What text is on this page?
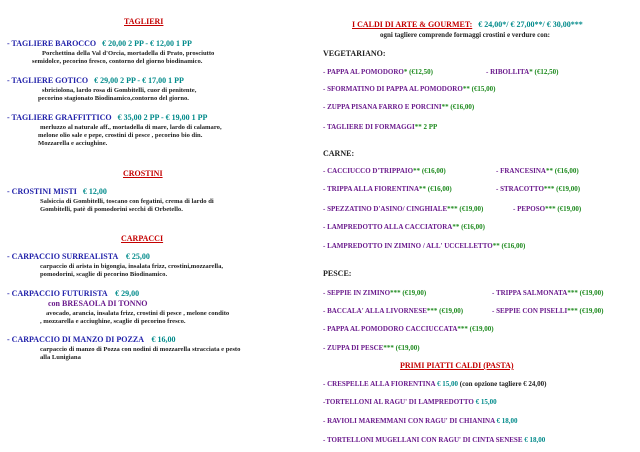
TAGLIERI
- TAGLIERE BAROCCO € 20,00 2 PP - € 12,00 1 PP
Porchettina della Val d'Orcia, mortadella di Prato, prosciutto
semidolce, pecorino fresco, contorno del giorno biodinamico.
- TAGLIERE GOTICO € 29,00 2 PP - € 17,00 1 PP
sbriciolona, lardo rosa di Gombitelli, cuor di penitente,
pecorino stagionato Biodinamico,contorno del giorno.
- TAGLIERE GRAFFITTICO € 35,00 2 PP - € 19,00 1 PP
merluzzo al naturale aff., mortadella di mare, lardo di calamaro,
melone olio sale e pepe, crostini di pesce , pecorino bio din.
Mozzarella e acciughine.
CROSTINI
- CROSTINI MISTI € 12,00
Salsiccia di Gombitelli, toscano con fegatini, crema di lardo di
Gombitelli, patè di pomodorini secchi di Orbetello.
CARPACCI
- CARPACCIO SURREALISTA € 25,00
carpaccio di arista in bigongia, insalata frizz, crostini,mozzarella,
pomodorini, scaglie di pecorino Biodinamico.
- CARPACCIO FUTURISTA € 29,00
con BRESAOLA DI TONNO
avocado, arancia, insalata frizz, crostini di pesce , melone condito
, mozzarella e acciughine, scaglie di pecorino fresco.
- CARPACCIO DI MANZO DI POZZA € 16,00
carpaccio di manzo di Pozza con nodini di mozzarella stracciata e pesto
alla Lunigiana
I CALDI DI ARTE & GOURMET: € 24,00*/ € 27,00**/ € 30,00***
ogni tagliere comprende formaggi crostini e verdure con:
VEGETARIANO:
- PAPPA AL POMODORO* (€12,50)	- RIBOLLITA* (€12,50)
- SFORMATINO DI PAPPA AL POMODORO** (€15,00)
- ZUPPA PISANA FARRO E PORCINI** (€16,00)
- TAGLIERE DI FORMAGGI** 2 PP
CARNE:
- CACCIUCCO D'TRIPPAIO** (€16,00)	- FRANCESINA** (€16,00)
- TRIPPA ALLA FIORENTINA** (€16,00)	- STRACOTTO*** (€19,00)
- SPEZZATINO D'ASINO/ CINGHIALE*** (€19,00)	- PEPOSO*** (€19,00)
- LAMPREDOTTO ALLA CACCIATORA** (€16,00)
- LAMPREDOTTO IN ZIMINO / ALL' UCCELLETTO** (€16,00)
PESCE:
- SEPPIE IN ZIMINO*** (€19,00)	- TRIPPA SALMONATA*** (€19,00)
- BACCALA' ALLA LIVORNESE*** (€19,00)	- SEPPIE CON PISELLI*** (€19,00)
- PAPPA AL POMODORO CACCIUCCATA*** (€19,00)
- ZUPPA DI PESCE*** (€19,00)
PRIMI PIATTI CALDI (PASTA)
- CRESPELLE ALLA FIORENTINA € 15,00 (con opzione tagliere € 24,00)
-TORTELLONI AL RAGU' DI LAMPREDOTTO € 15,00
- RAVIOLI MAREMMANI CON RAGU' DI CHIANINA € 18,00
- TORTELLONI MUGELLANI CON RAGU' DI CINTA SENESE € 18,00
